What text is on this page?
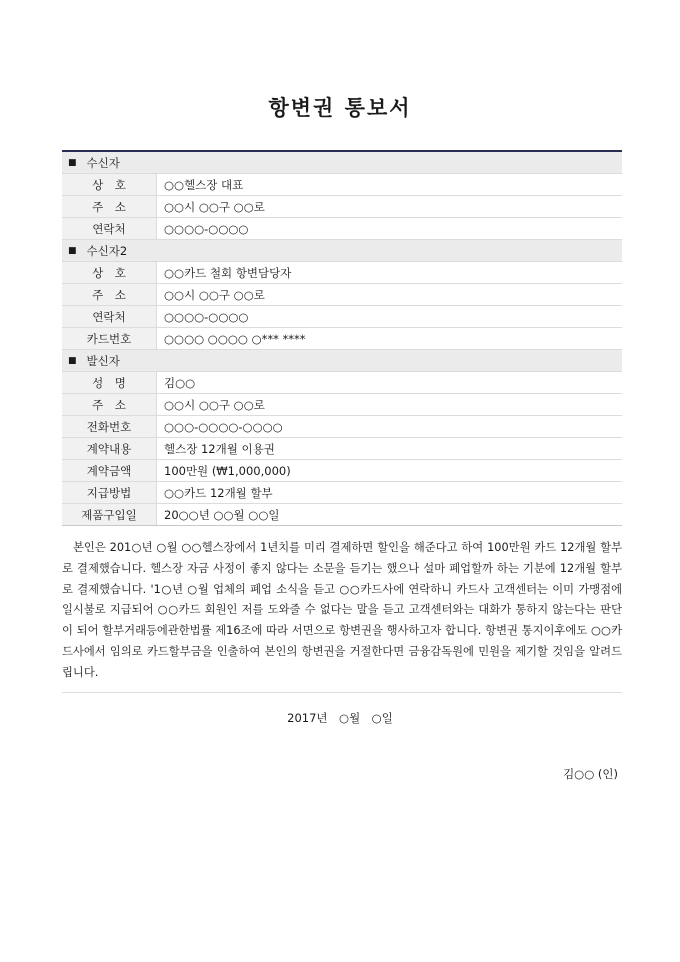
항변권 통보서
■ 수신자
상　호	○○헬스장 대표
주　소	○○시 ○○구 ○○로
연락처	○○○○-○○○○
■ 수신자2
상　호	○○카드 철회 항변담당자
주　소	○○시 ○○구 ○○로
연락처	○○○○-○○○○
카드번호	○○○○ ○○○○ ○*** ****
■ 발신자
성　명	김○○
주　소	○○시 ○○구 ○○로
전화번호	○○○-○○○○-○○○○
계약내용	헬스장 12개월 이용권
계약금액	100만원 (₩1,000,000)
지급방법	○○카드 12개월 할부
제품구입일	20○○년 ○○월 ○○일
본인은 201○년 ○월 ○○헬스장에서 1년치를 미리 결제하면 할인을 해준다고 하여 100만원 카드 12개월 할부로 결제했습니다. 헬스장 자금 사정이 좋지 않다는 소문을 듣기는 했으나 설마 폐업할까 하는 기분에 12개월 할부로 결제했습니다. '1○년 ○월 업체의 폐업 소식을 듣고 ○○카드사에 연락하니 카드사 고객센터는 이미 가맹점에 일시불로 지급되어 ○○카드 회원인 저를 도와줄 수 없다는 말을 듣고 고객센터와는 대화가 통하지 않는다는 판단이 되어 할부거래등에관한법률 제16조에 따라 서면으로 항변권을 행사하고자 합니다. 항변권 통지이후에도 ○○카드사에서 임의로 카드할부금을 인출하여 본인의 항변권을 거절한다면 금융감독원에 민원을 제기할 것임을 알려드립니다.
2017년　○월　○일
김○○ (인)
